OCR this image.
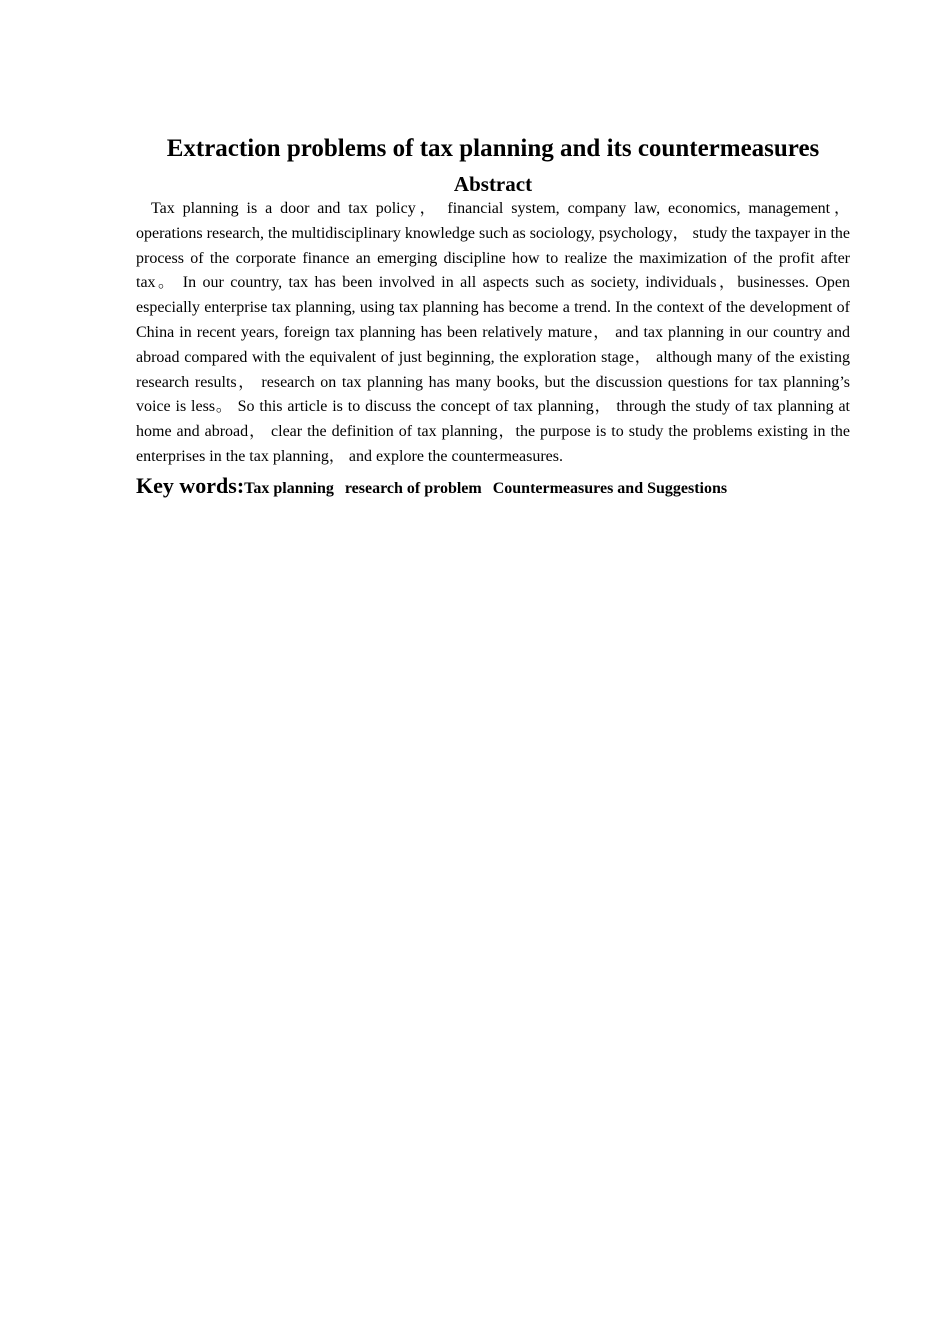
Extraction problems of tax planning and its countermeasures
Abstract

Tax planning is a door and tax policy， financial system, company law, economics, management，operations research, the multidisciplinary knowledge such as sociology, psychology， study the taxpayer in the process of the corporate finance an emerging discipline how to realize the maximization of the profit after tax。 In our country, tax has been involved in all aspects such as society, individuals，businesses. Open especially enterprise tax planning, using tax planning has become a trend. In the context of the development of China in recent years, foreign tax planning has been relatively mature， and tax planning in our country and abroad compared with the equivalent of just beginning, the exploration stage， although many of the existing research results， research on tax planning has many books, but the discussion questions for tax planning’s voice is less。 So this article is to discuss the concept of tax planning， through the study of tax planning at home and abroad， clear the definition of tax planning，the purpose is to study the problems existing in the enterprises in the tax planning， and explore the countermeasures.

Key words:Tax planning research of problem Countermeasures and Suggestions
